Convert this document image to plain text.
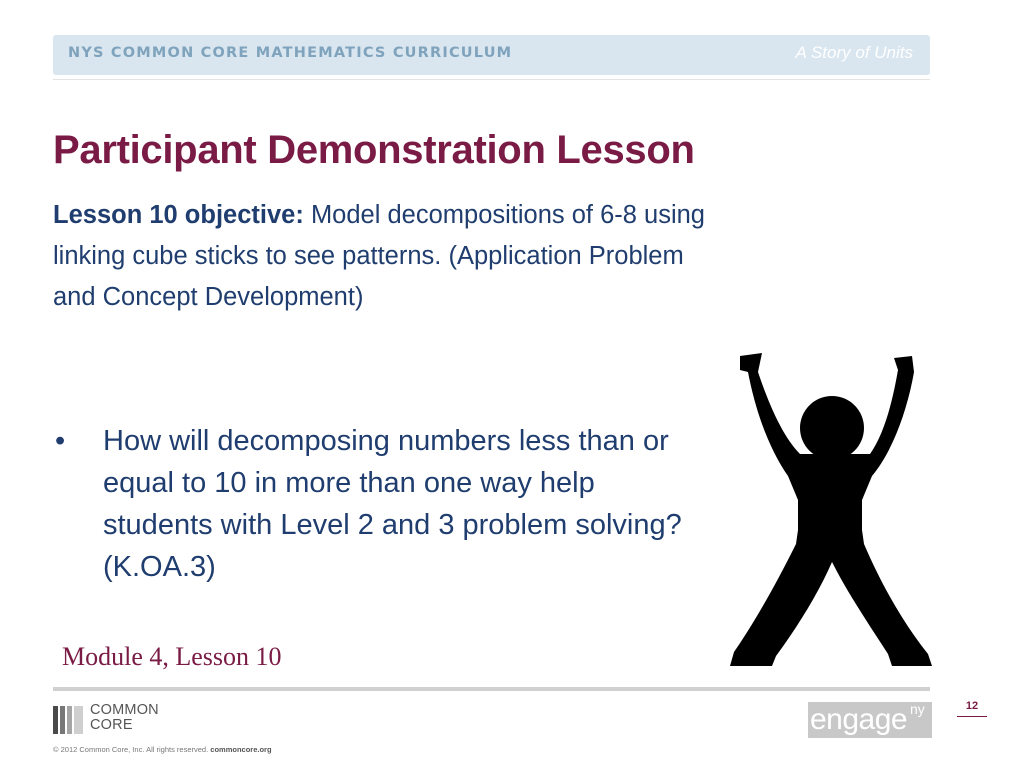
NYS COMMON CORE MATHEMATICS CURRICULUM	A Story of Units
Participant Demonstration Lesson
Lesson 10 objective: Model decompositions of 6-8 using linking cube sticks to see patterns. (Application Problem and Concept Development)
• How will decomposing numbers less than or equal to 10 in more than one way help students with Level 2 and 3 problem solving? (K.OA.3)
Module 4, Lesson 10
COMMON
CORE
© 2012 Common Core, Inc. All rights reserved. commoncore.org
engage ny	12
